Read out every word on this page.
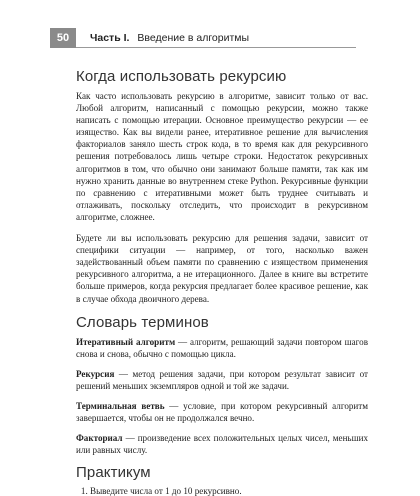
50	Часть I. Введение в алгоритмы
Когда использовать рекурсию

Как часто использовать рекурсию в алгоритме, зависит только от вас. Любой алгоритм, написанный с помощью рекурсии, можно также написать с помощью итерации. Основное преимущество рекурсии — ее изящество. Как вы видели ранее, итеративное решение для вычисления факториалов заняло шесть строк кода, в то время как для рекурсивного решения потребовалось лишь четыре строки. Недостаток рекурсивных алгоритмов в том, что обычно они занимают больше памяти, так как им нужно хранить данные во внутреннем стеке Python. Рекурсивные функции по сравнению с итеративными может быть труднее считывать и отлаживать, поскольку отследить, что происходит в рекурсивном алгоритме, сложнее.

Будете ли вы использовать рекурсию для решения задачи, зависит от специфики ситуации — например, от того, насколько важен задействованный объем памяти по сравнению с изяществом применения рекурсивного алгоритма, а не итерационного. Далее в книге вы встретите больше примеров, когда рекурсия предлагает более красивое решение, как в случае обхода двоичного дерева.

Словарь терминов

Итеративный алгоритм — алгоритм, решающий задачи повтором шагов снова и снова, обычно с помощью цикла.

Рекурсия — метод решения задачи, при котором результат зависит от решений меньших экземпляров одной и той же задачи.

Терминальная ветвь — условие, при котором рекурсивный алгоритм завершается, чтобы он не продолжался вечно.

Факториал — произведение всех положительных целых чисел, меньших или равных числу.

Практикум
1. Выведите числа от 1 до 10 рекурсивно.
